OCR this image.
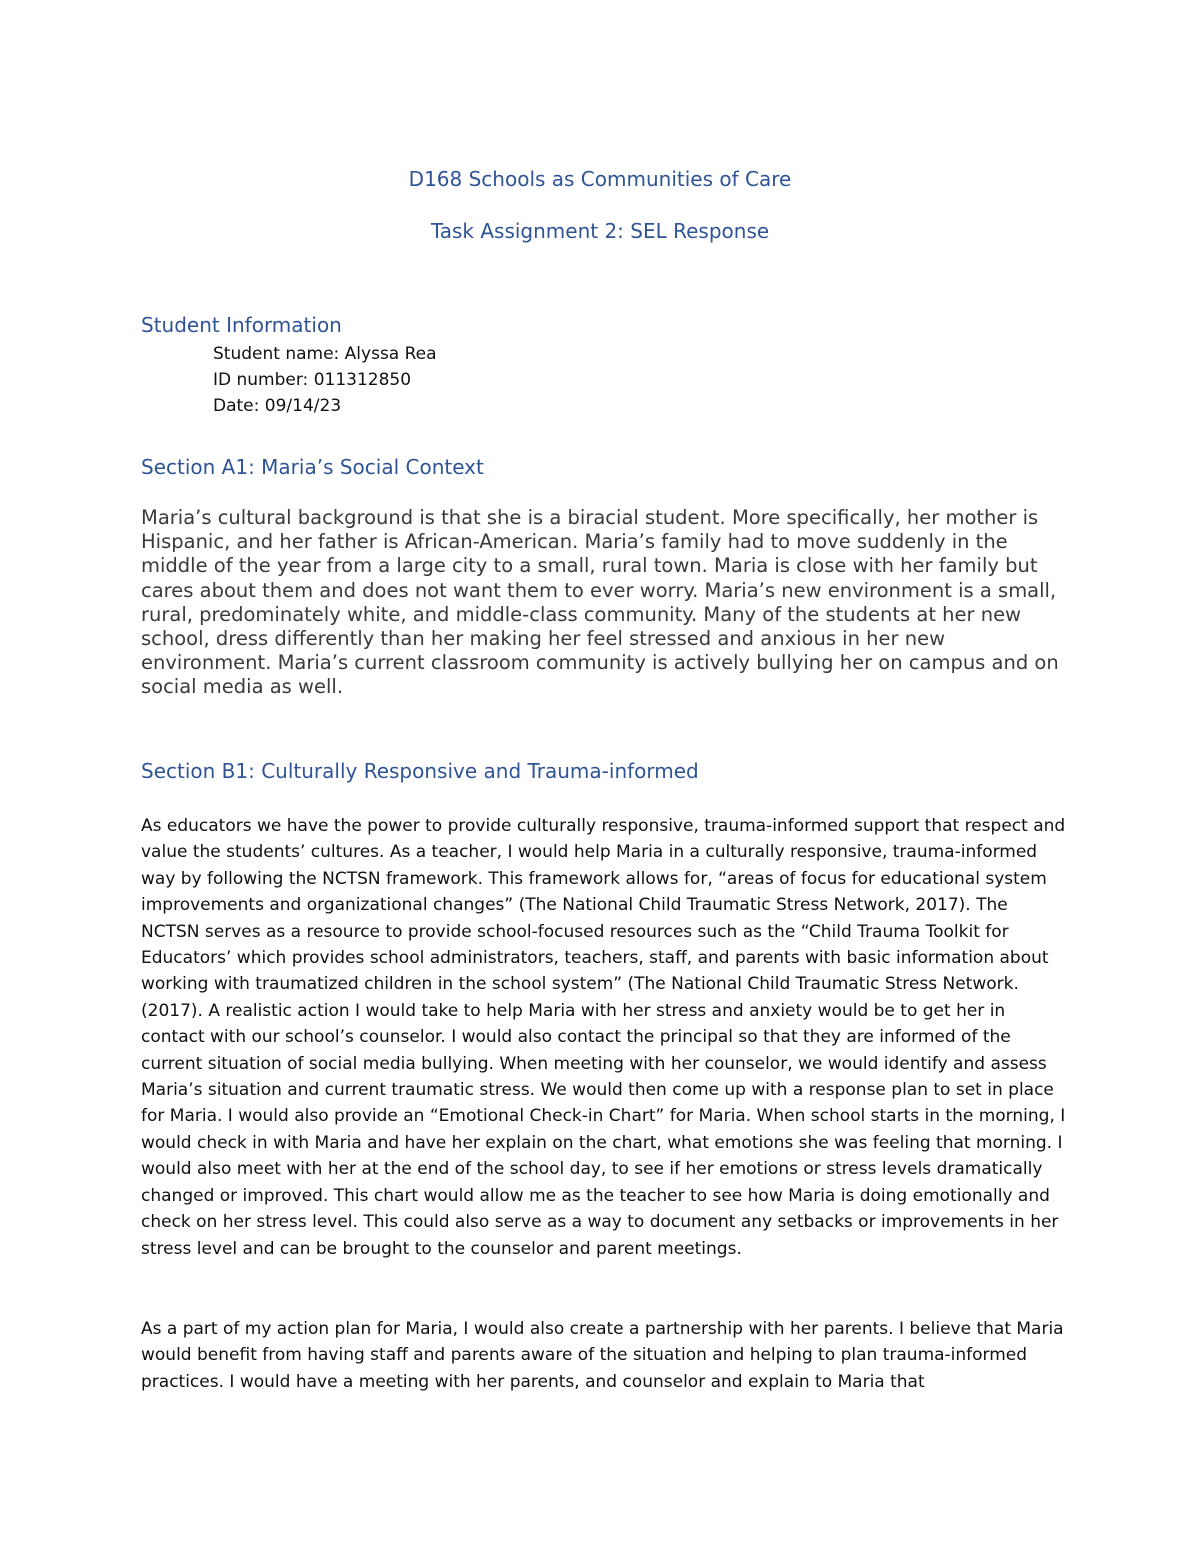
D168 Schools as Communities of Care
Task Assignment 2: SEL Response
Student Information

Student name: Alyssa Rea

ID number: 011312850

Date: 09/14/23

Section A1: Maria’s Social Context

Maria’s cultural background is that she is a biracial student. More specifically, her mother is Hispanic, and her father is African-American. Maria’s family had to move suddenly in the middle of the year from a large city to a small, rural town. Maria is close with her family but cares about them and does not want them to ever worry. Maria’s new environment is a small, rural, predominately white, and middle-class community. Many of the students at her new school, dress differently than her making her feel stressed and anxious in her new environment. Maria’s current classroom community is actively bullying her on campus and on social media as well.

Section B1: Culturally Responsive and Trauma-informed

As educators we have the power to provide culturally responsive, trauma-informed support that respect and value the students’ cultures. As a teacher, I would help Maria in a culturally responsive, trauma-informed way by following the NCTSN framework. This framework allows for, “areas of focus for educational system improvements and organizational changes” (The National Child Traumatic Stress Network, 2017). The NCTSN serves as a resource to provide school-focused resources such as the “Child Trauma Toolkit for Educators’ which provides school administrators, teachers, staff, and parents with basic information about working with traumatized children in the school system” (The National Child Traumatic Stress Network. (2017). A realistic action I would take to help Maria with her stress and anxiety would be to get her in contact with our school’s counselor. I would also contact the principal so that they are informed of the current situation of social media bullying. When meeting with her counselor, we would identify and assess Maria’s situation and current traumatic stress. We would then come up with a response plan to set in place for Maria. I would also provide an “Emotional Check-in Chart” for Maria. When school starts in the morning, I would check in with Maria and have her explain on the chart, what emotions she was feeling that morning. I would also meet with her at the end of the school day, to see if her emotions or stress levels dramatically changed or improved. This chart would allow me as the teacher to see how Maria is doing emotionally and check on her stress level. This could also serve as a way to document any setbacks or improvements in her stress level and can be brought to the counselor and parent meetings.

As a part of my action plan for Maria, I would also create a partnership with her parents. I believe that Maria would benefit from having staff and parents aware of the situation and helping to plan trauma-informed practices. I would have a meeting with her parents, and counselor and explain to Maria that
